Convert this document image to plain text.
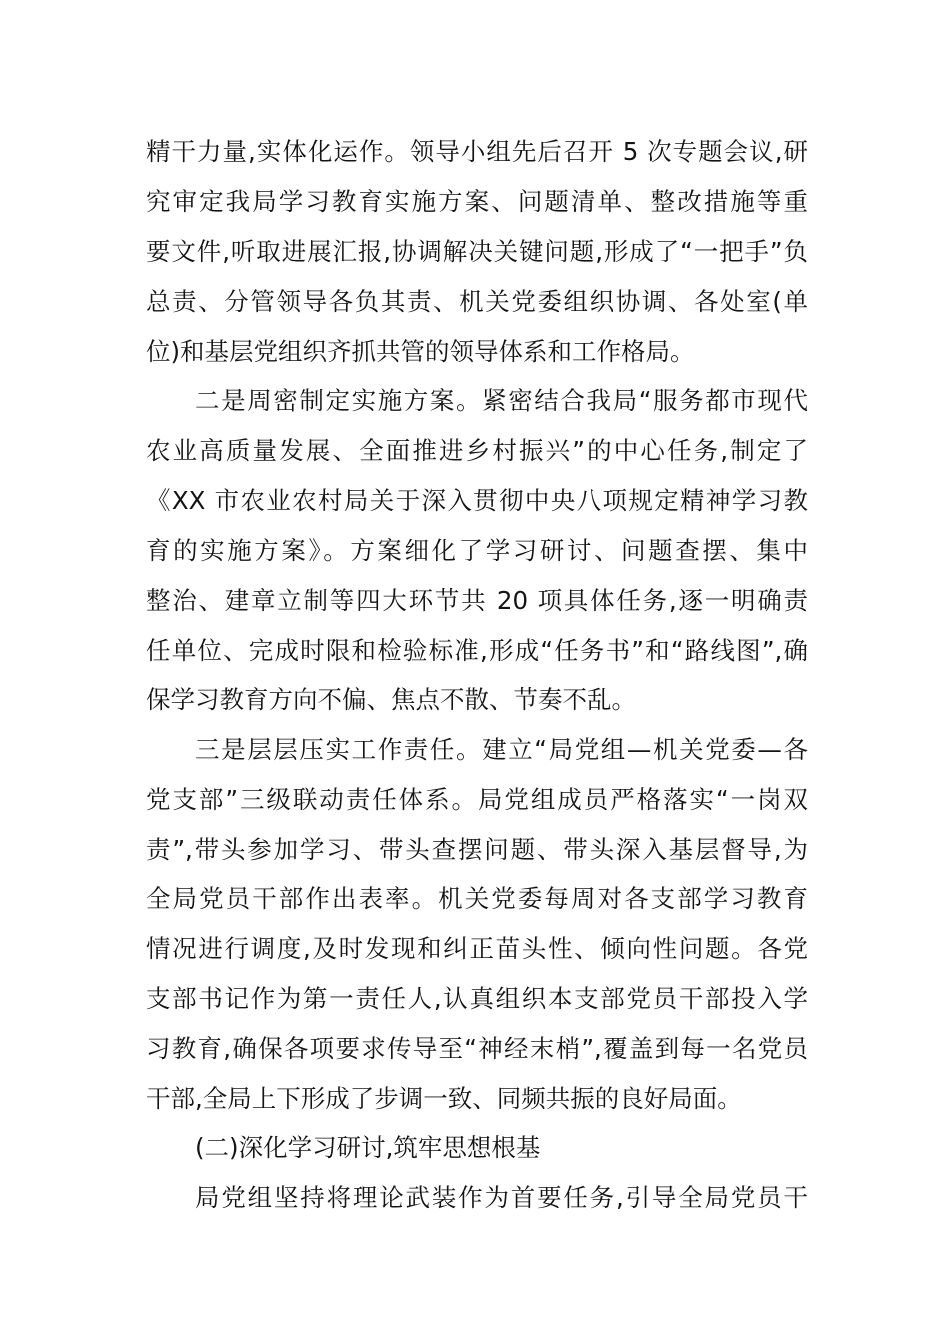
精干力量,实体化运作。领导小组先后召开 5 次专题会议,研
究审定我局学习教育实施方案、问题清单、整改措施等重
要文件,听取进展汇报,协调解决关键问题,形成了“一把手”负
总责、分管领导各负其责、机关党委组织协调、各处室(单
位)和基层党组织齐抓共管的领导体系和工作格局。
二是周密制定实施方案。紧密结合我局“服务都市现代
农业高质量发展、全面推进乡村振兴”的中心任务,制定了
《XX 市农业农村局关于深入贯彻中央八项规定精神学习教
育的实施方案》。方案细化了学习研讨、问题查摆、集中
整治、建章立制等四大环节共 20 项具体任务,逐一明确责
任单位、完成时限和检验标准,形成“任务书”和“路线图”,确
保学习教育方向不偏、焦点不散、节奏不乱。
三是层层压实工作责任。建立“局党组—机关党委—各
党支部”三级联动责任体系。局党组成员严格落实“一岗双
责”,带头参加学习、带头查摆问题、带头深入基层督导,为
全局党员干部作出表率。机关党委每周对各支部学习教育
情况进行调度,及时发现和纠正苗头性、倾向性问题。各党
支部书记作为第一责任人,认真组织本支部党员干部投入学
习教育,确保各项要求传导至“神经末梢”,覆盖到每一名党员
干部,全局上下形成了步调一致、同频共振的良好局面。
(二)深化学习研讨,筑牢思想根基
局党组坚持将理论武装作为首要任务,引导全局党员干
